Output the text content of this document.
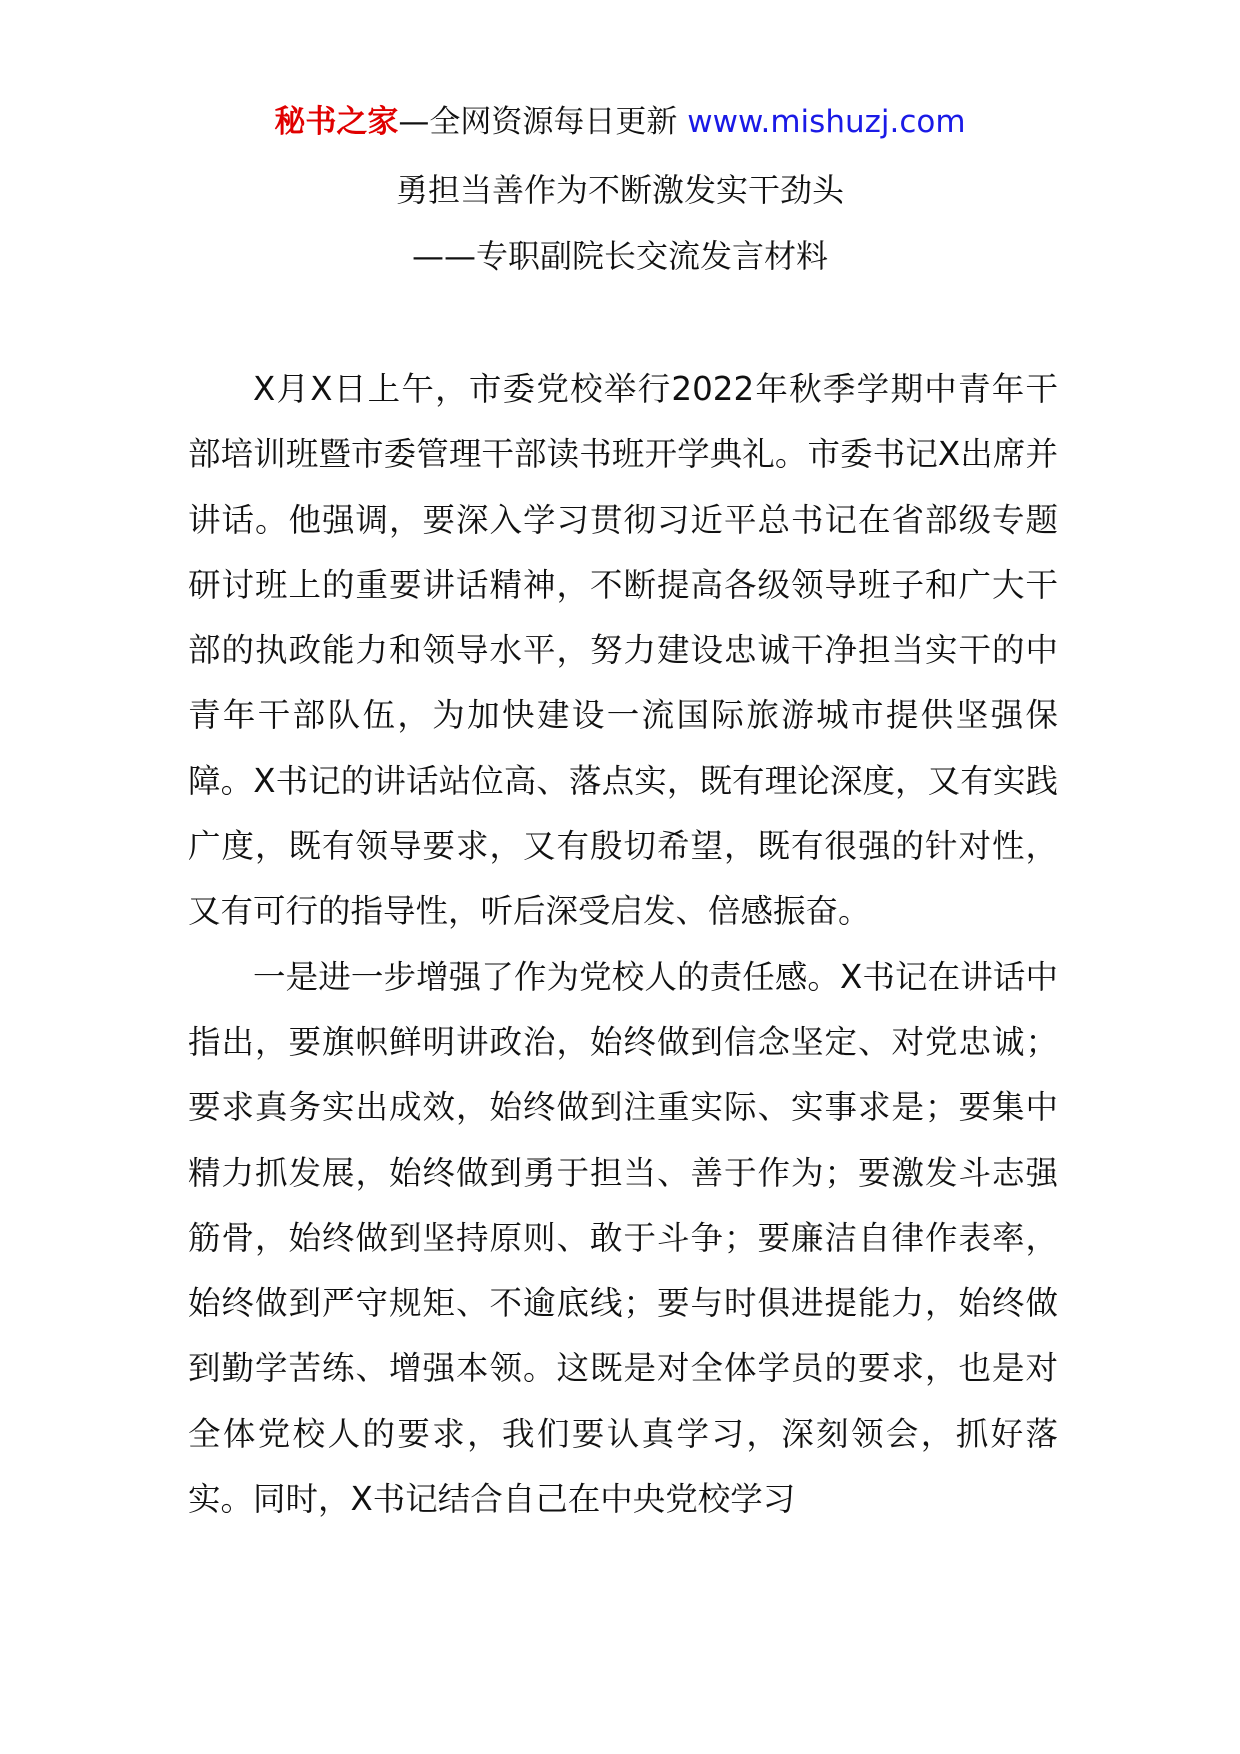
秘书之家—全网资源每日更新 www.mishuzj.com
勇担当善作为不断激发实干劲头
——专职副院长交流发言材料

X月X日上午，市委党校举行2022年秋季学期中青年干部培训班暨市委管理干部读书班开学典礼。市委书记X出席并讲话。他强调，要深入学习贯彻习近平总书记在省部级专题研讨班上的重要讲话精神，不断提高各级领导班子和广大干部的执政能力和领导水平，努力建设忠诚干净担当实干的中青年干部队伍，为加快建设一流国际旅游城市提供坚强保障。X书记的讲话站位高、落点实，既有理论深度，又有实践广度，既有领导要求，又有殷切希望，既有很强的针对性，又有可行的指导性，听后深受启发、倍感振奋。

一是进一步增强了作为党校人的责任感。X书记在讲话中指出，要旗帜鲜明讲政治，始终做到信念坚定、对党忠诚；要求真务实出成效，始终做到注重实际、实事求是；要集中精力抓发展，始终做到勇于担当、善于作为；要激发斗志强筋骨，始终做到坚持原则、敢于斗争；要廉洁自律作表率，始终做到严守规矩、不逾底线；要与时俱进提能力，始终做到勤学苦练、增强本领。这既是对全体学员的要求，也是对全体党校人的要求，我们要认真学习，深刻领会，抓好落实。同时，X书记结合自己在中央党校学习
